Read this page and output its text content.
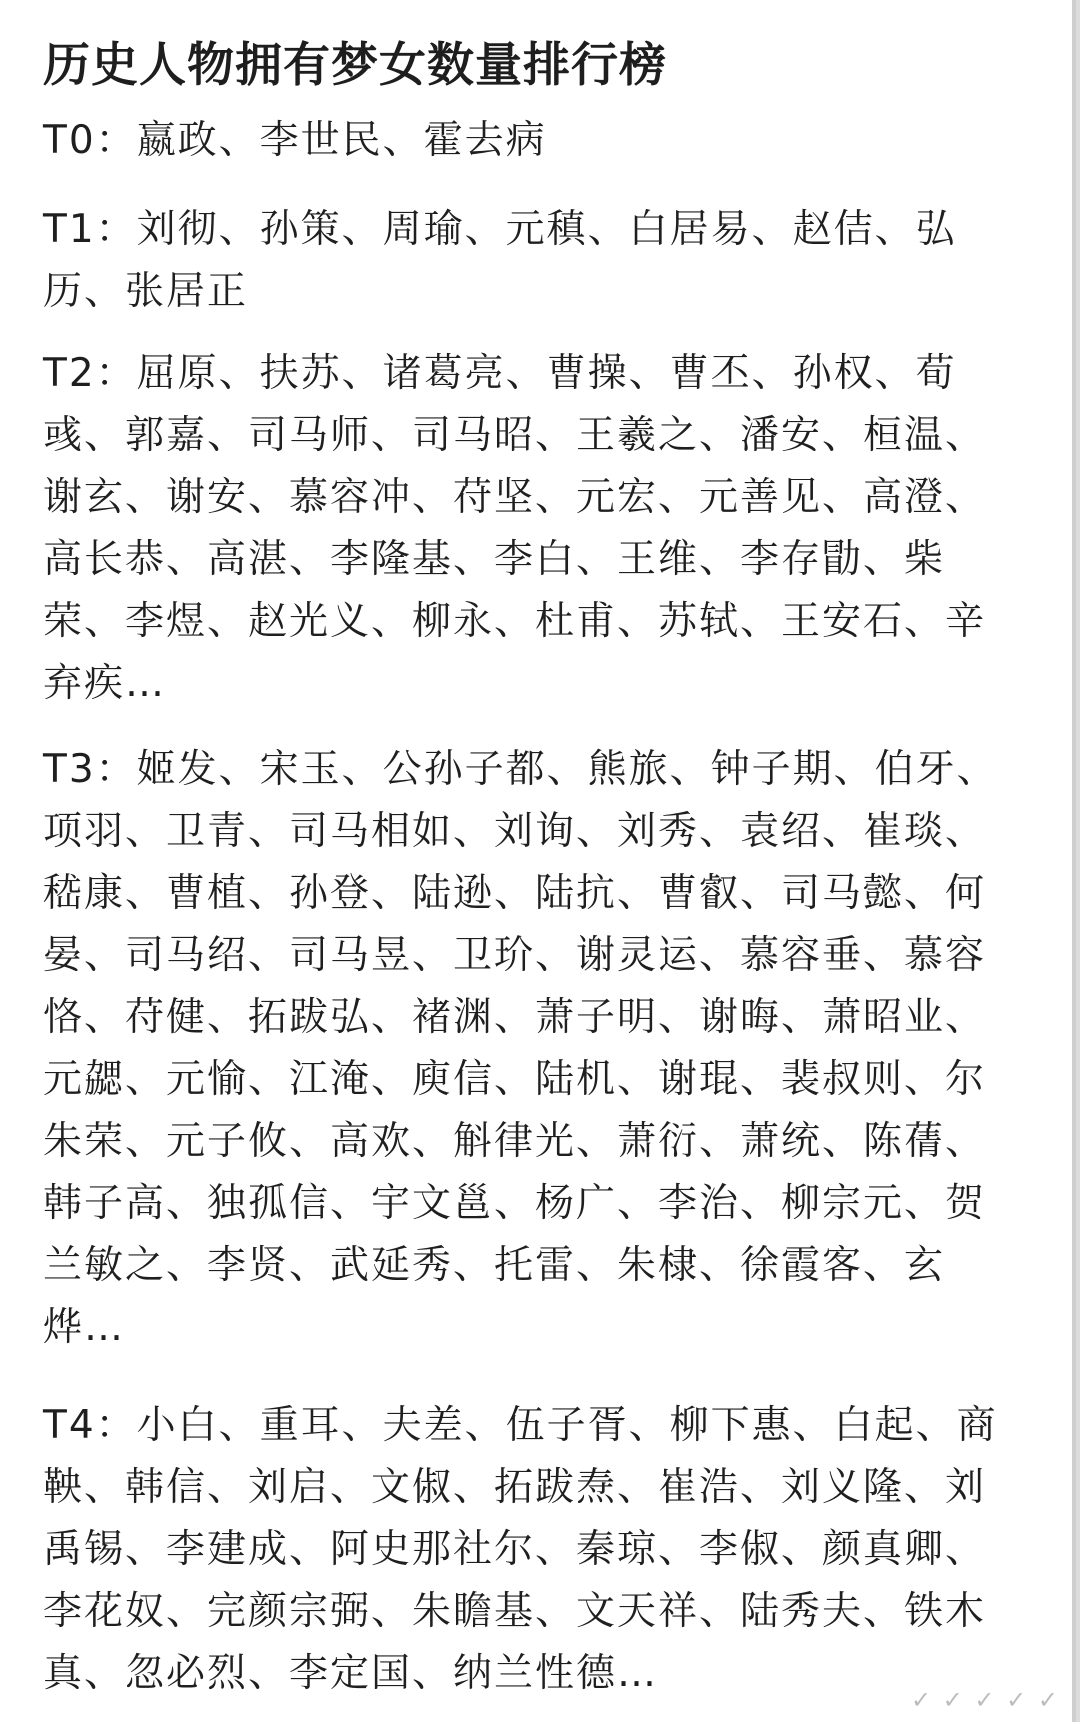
历史人物拥有梦女数量排行榜

T0：嬴政、李世民、霍去病

T1：刘彻、孙策、周瑜、元稹、白居易、赵佶、弘历、张居正

T2：屈原、扶苏、诸葛亮、曹操、曹丕、孙权、荀彧、郭嘉、司马师、司马昭、王羲之、潘安、桓温、谢玄、谢安、慕容冲、苻坚、元宏、元善见、高澄、高长恭、高湛、李隆基、李白、王维、李存勖、柴荣、李煜、赵光义、柳永、杜甫、苏轼、王安石、辛弃疾…

T3：姬发、宋玉、公孙子都、熊旅、钟子期、伯牙、项羽、卫青、司马相如、刘询、刘秀、袁绍、崔琰、嵇康、曹植、孙登、陆逊、陆抗、曹叡、司马懿、何晏、司马绍、司马昱、卫玠、谢灵运、慕容垂、慕容恪、苻健、拓跋弘、褚渊、萧子明、谢晦、萧昭业、元勰、元愉、江淹、庾信、陆机、谢琨、裴叔则、尔朱荣、元子攸、高欢、斛律光、萧衍、萧统、陈蒨、韩子高、独孤信、宇文邕、杨广、李治、柳宗元、贺兰敏之、李贤、武延秀、托雷、朱棣、徐霞客、玄烨…

T4：小白、重耳、夫差、伍子胥、柳下惠、白起、商鞅、韩信、刘启、文俶、拓跋焘、崔浩、刘义隆、刘禹锡、李建成、阿史那社尔、秦琼、李俶、颜真卿、李花奴、完颜宗弼、朱瞻基、文天祥、陆秀夫、铁木真、忽必烈、李定国、纳兰性德…

✓ ✓ ✓ ✓ ✓
